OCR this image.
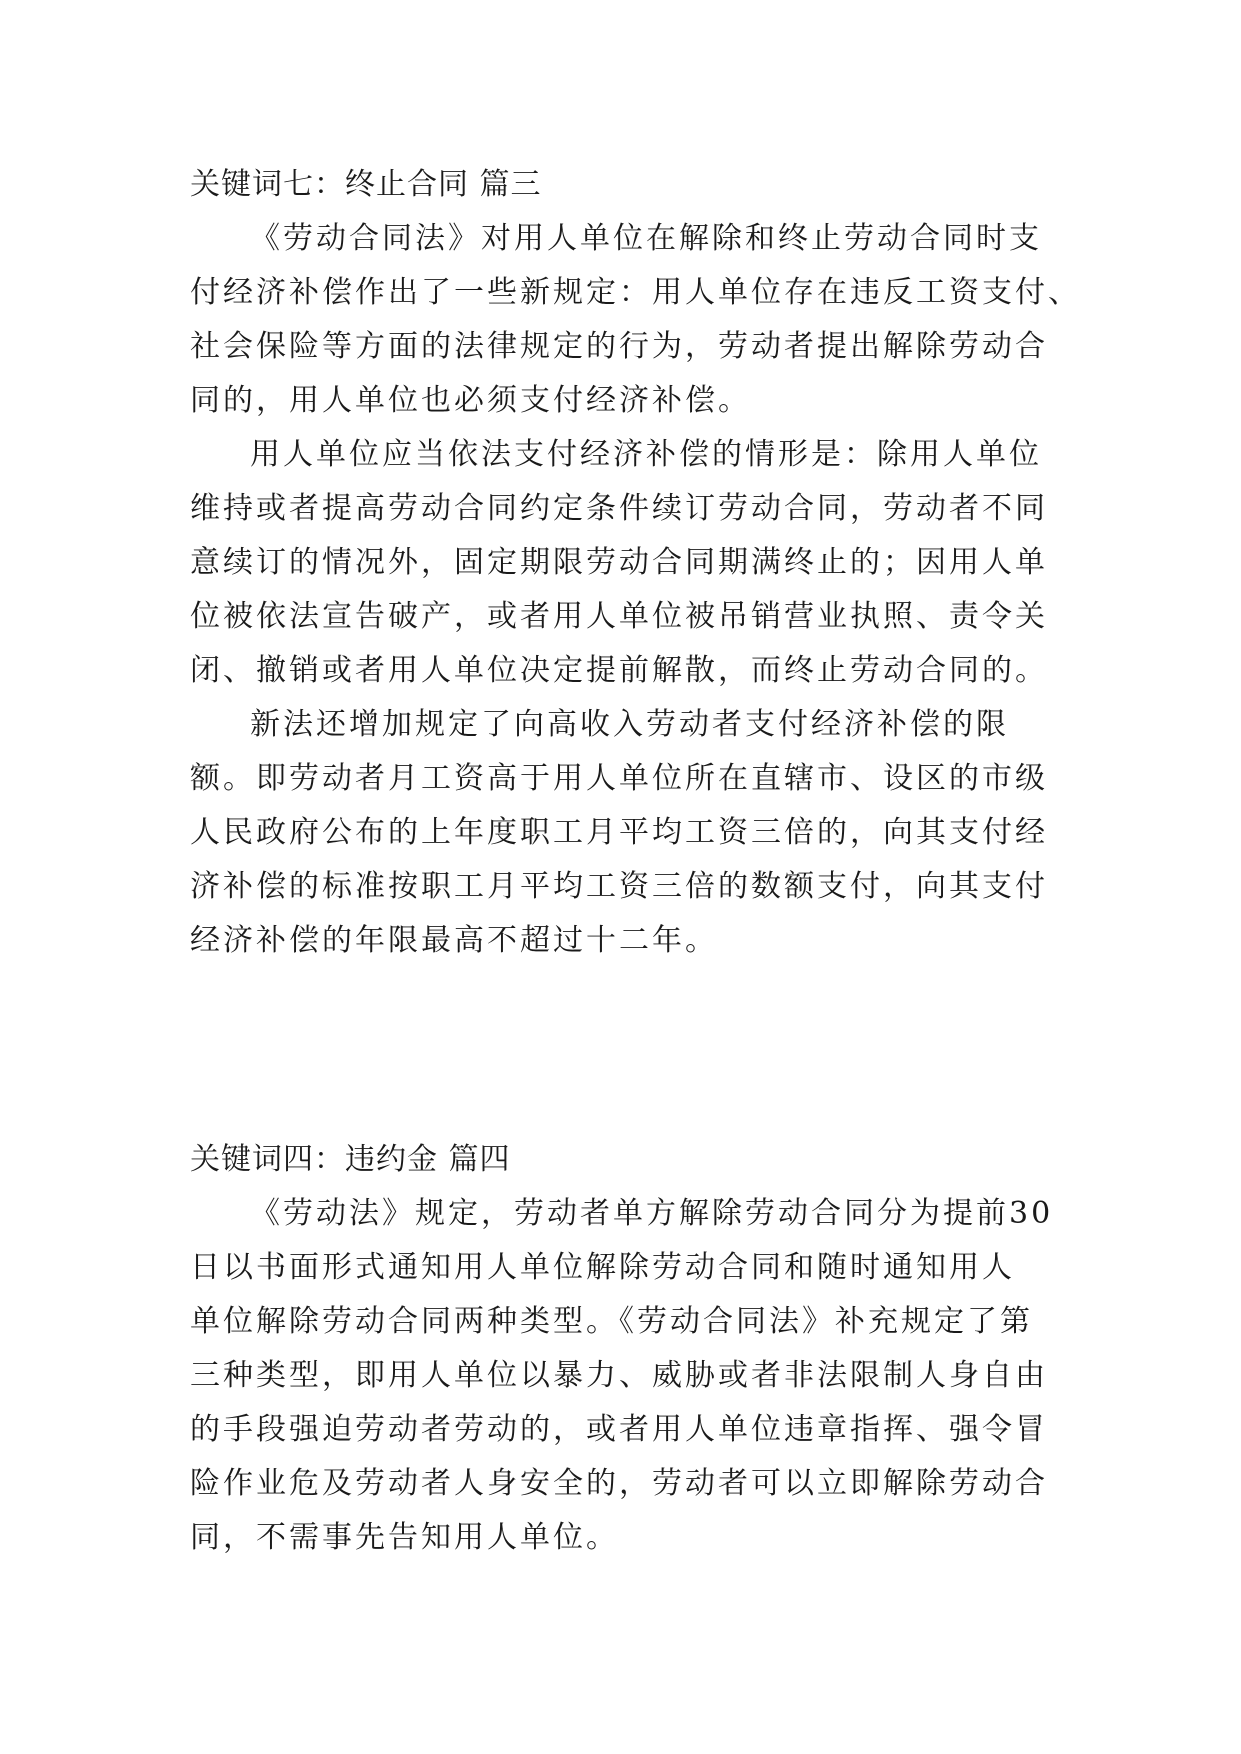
关键词七：终止合同 篇三

《劳动合同法》对用人单位在解除和终止劳动合同时支
付经济补偿作出了一些新规定：用人单位存在违反工资支付、
社会保险等方面的法律规定的行为，劳动者提出解除劳动合
同的，用人单位也必须支付经济补偿。

用人单位应当依法支付经济补偿的情形是：除用人单位
维持或者提高劳动合同约定条件续订劳动合同，劳动者不同
意续订的情况外，固定期限劳动合同期满终止的；因用人单
位被依法宣告破产，或者用人单位被吊销营业执照、责令关
闭、撤销或者用人单位决定提前解散，而终止劳动合同的。

新法还增加规定了向高收入劳动者支付经济补偿的限
额。即劳动者月工资高于用人单位所在直辖市、设区的市级
人民政府公布的上年度职工月平均工资三倍的，向其支付经
济补偿的标准按职工月平均工资三倍的数额支付，向其支付
经济补偿的年限最高不超过十二年。

关键词四：违约金 篇四

《劳动法》规定，劳动者单方解除劳动合同分为提前30
日以书面形式通知用人单位解除劳动合同和随时通知用人
单位解除劳动合同两种类型。《劳动合同法》补充规定了第
三种类型，即用人单位以暴力、威胁或者非法限制人身自由
的手段强迫劳动者劳动的，或者用人单位违章指挥、强令冒
险作业危及劳动者人身安全的，劳动者可以立即解除劳动合
同，不需事先告知用人单位。
